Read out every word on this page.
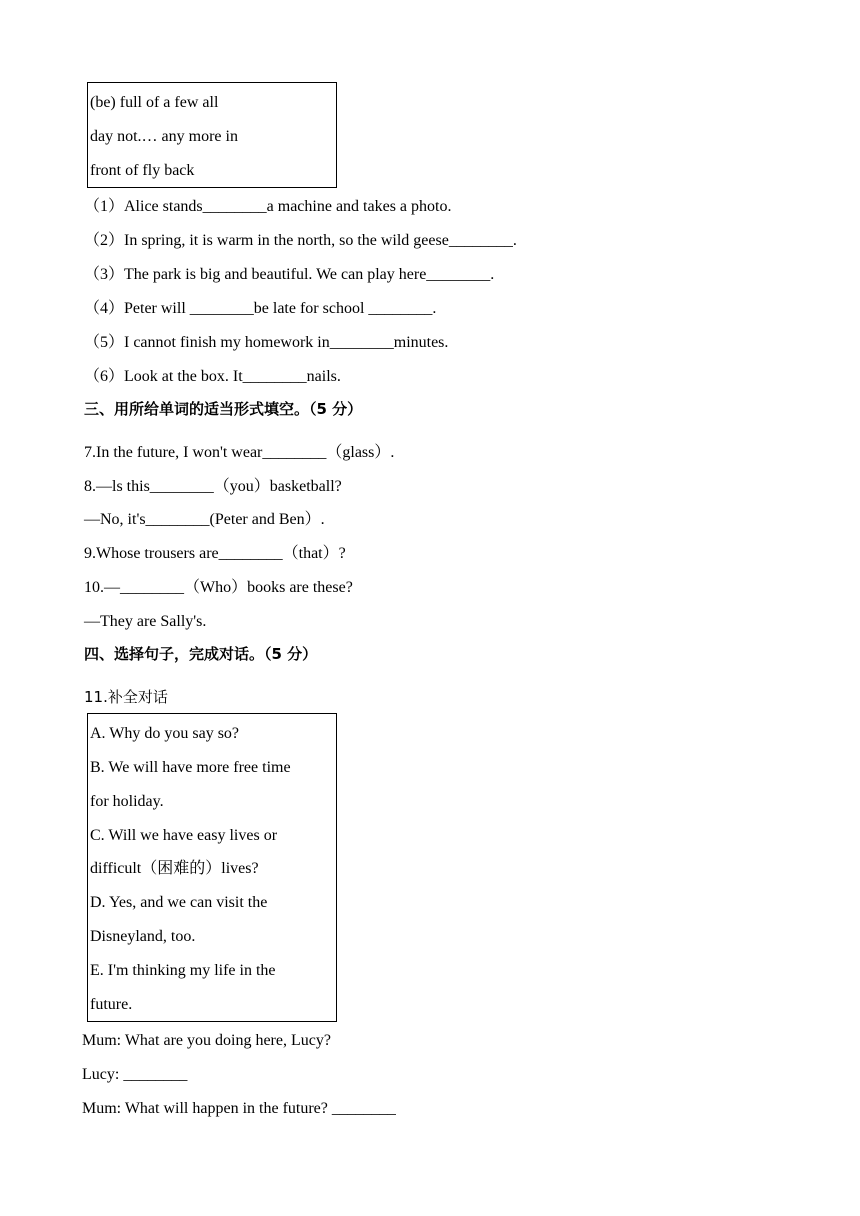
(be) full of a few all
day not.… any more in
front of fly back
（1）Alice stands________a machine and takes a photo.
（2）In spring, it is warm in the north, so the wild geese________.
（3）The park is big and beautiful. We can play here________.
（4）Peter will ________be late for school ________.
（5）I cannot finish my homework in________minutes.
（6）Look at the box. It________nails.
三、用所给单词的适当形式填空。（5 分）
7.In the future, I won't wear________（glass）.
8.—ls this________（you）basketball?
—No, it's________(Peter and Ben）.
9.Whose trousers are________（that）?
10.—________（Who）books are these?
—They are Sally's.
四、选择句子，完成对话。（5 分）
11.补全对话
A. Why do you say so?
B. We will have more free time
for holiday.
C. Will we have easy lives or
difficult（困难的）lives?
D. Yes, and we can visit the
Disneyland, too.
E. I'm thinking my life in the
future.
Mum: What are you doing here, Lucy?
Lucy: ________
Mum: What will happen in the future? ________
